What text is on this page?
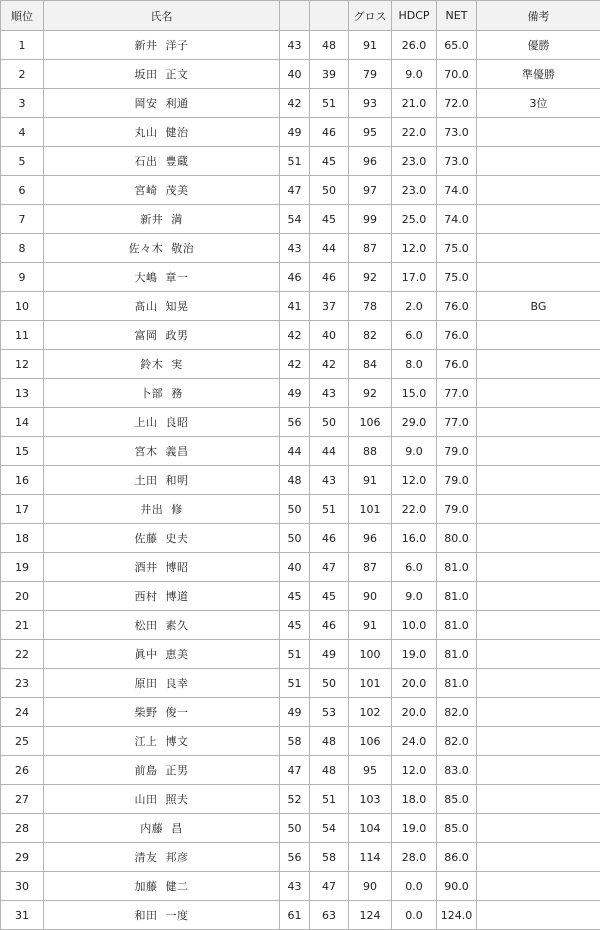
順位	氏名			グロス	HDCP	NET	備考
1	新井 洋子	43	48	91	26.0	65.0	優勝
2	坂田 正文	40	39	79	9.0	70.0	準優勝
3	岡安 利通	42	51	93	21.0	72.0	3位
4	丸山 健治	49	46	95	22.0	73.0	
5	石出 豊蔵	51	45	96	23.0	73.0	
6	宮崎 茂美	47	50	97	23.0	74.0	
7	新井 満	54	45	99	25.0	74.0	
8	佐々木 敬治	43	44	87	12.0	75.0	
9	大嶋 章一	46	46	92	17.0	75.0	
10	髙山 知晃	41	37	78	2.0	76.0	BG
11	富岡 政男	42	40	82	6.0	76.0	
12	鈴木 実	42	42	84	8.0	76.0	
13	卜部 務	49	43	92	15.0	77.0	
14	上山 良昭	56	50	106	29.0	77.0	
15	宮木 義昌	44	44	88	9.0	79.0	
16	土田 和明	48	43	91	12.0	79.0	
17	井出 修	50	51	101	22.0	79.0	
18	佐藤 史夫	50	46	96	16.0	80.0	
19	酒井 博昭	40	47	87	6.0	81.0	
20	西村 博道	45	45	90	9.0	81.0	
21	松田 素久	45	46	91	10.0	81.0	
22	眞中 恵美	51	49	100	19.0	81.0	
23	原田 良幸	51	50	101	20.0	81.0	
24	柴野 俊一	49	53	102	20.0	82.0	
25	江上 博文	58	48	106	24.0	82.0	
26	前島 正男	47	48	95	12.0	83.0	
27	山田 照夫	52	51	103	18.0	85.0	
28	内藤 昌	50	54	104	19.0	85.0	
29	清友 邦彦	56	58	114	28.0	86.0	
30	加藤 健二	43	47	90	0.0	90.0	
31	和田 一度	61	63	124	0.0	124.0	
